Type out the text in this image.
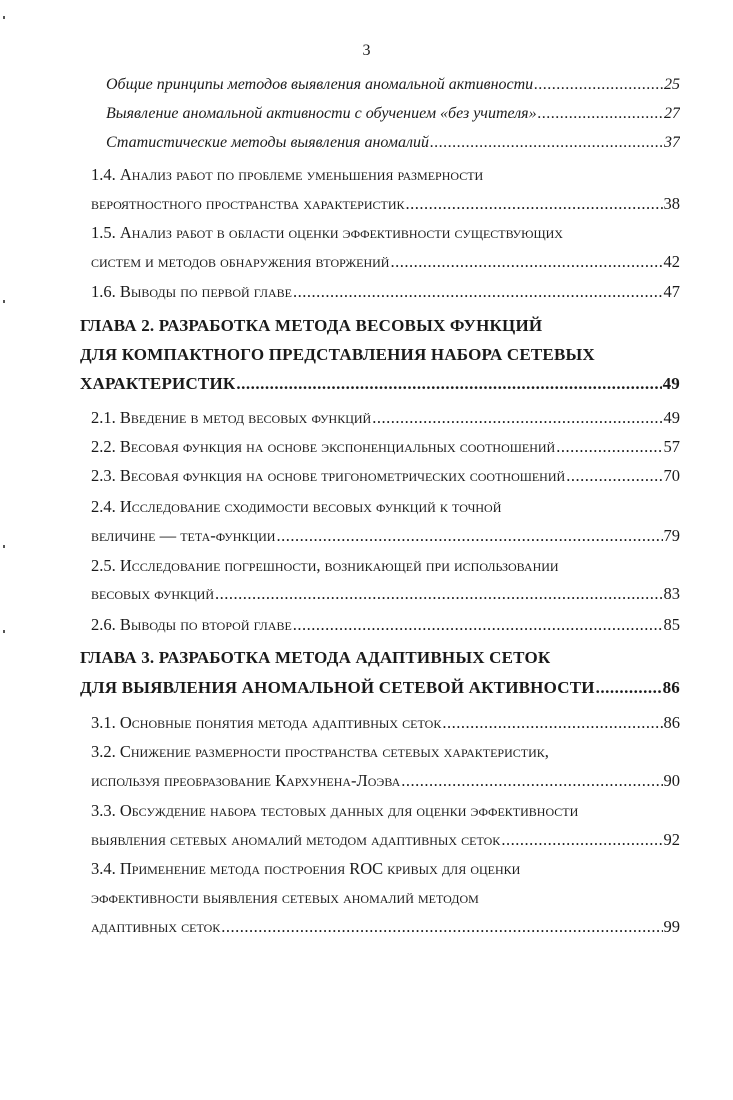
3
Общие принципы методов выявления аномальной активности .....	25
Выявление аномальной активности с обучением «без учителя» .....	27
Статистические методы выявления аномалий .....	37
1.4. Анализ работ по проблеме уменьшения размерности
вероятностного пространства характеристик .....	38
1.5. Анализ работ в области оценки эффективности существующих
систем и методов обнаружения вторжений .....	42
1.6. Выводы по первой главе .....	47
ГЛАВА 2. РАЗРАБОТКА МЕТОДА ВЕСОВЫХ ФУНКЦИЙ
ДЛЯ КОМПАКТНОГО ПРЕДСТАВЛЕНИЯ НАБОРА СЕТЕВЫХ
ХАРАКТЕРИСТИК .....	49
2.1. Введение в метод весовых функций .....	49
2.2. Весовая функция на основе экспоненциальных соотношений .....	57
2.3. Весовая функция на основе тригонометрических соотношений .....	70
2.4. Исследование сходимости весовых функций к точной
величине — тета-функции .....	79
2.5. Исследование погрешности, возникающей при использовании
весовых функций .....	83
2.6. Выводы по второй главе .....	85
ГЛАВА 3. РАЗРАБОТКА МЕТОДА АДАПТИВНЫХ СЕТОК
ДЛЯ ВЫЯВЛЕНИЯ АНОМАЛЬНОЙ СЕТЕВОЙ АКТИВНОСТИ .....	86
3.1. Основные понятия метода адаптивных сеток .....	86
3.2. Снижение размерности пространства сетевых характеристик,
используя преобразование Кархунена-Лоэва .....	90
3.3. Обсуждение набора тестовых данных для оценки эффективности
выявления сетевых аномалий методом адаптивных сеток .....	92
3.4. Применение метода построения ROC кривых для оценки
эффективности выявления сетевых аномалий методом
адаптивных сеток .....	99
